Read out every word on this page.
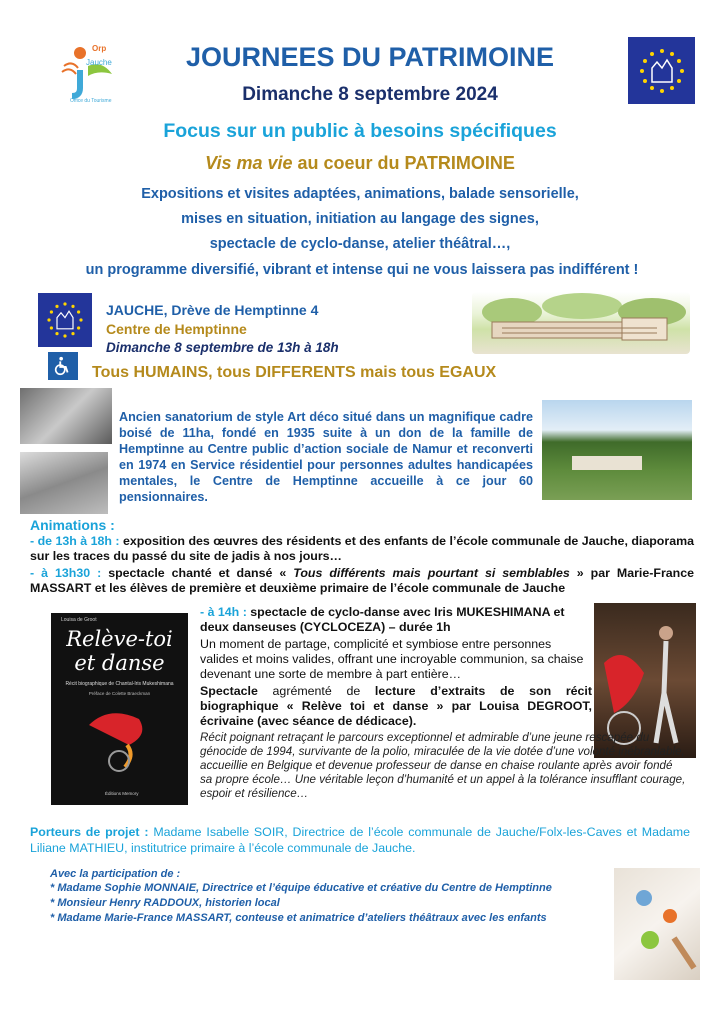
Orp
Jauche
Office du Tourisme
JOURNEES DU PATRIMOINE
Dimanche 8 septembre 2024
Focus sur un public à besoins spécifiques
Vis ma vie au coeur du PATRIMOINE
Expositions et visites adaptées, animations, balade sensorielle,
mises en situation, initiation au langage des signes,
spectacle de cyclo-danse, atelier théâtral…,
un programme diversifié, vibrant et intense qui ne vous laissera pas indifférent !
JAUCHE, Drève de Hemptinne 4
Centre de Hemptinne
Dimanche 8 septembre de 13h à 18h
Tous HUMAINS, tous DIFFERENTS mais tous EGAUX
Ancien sanatorium de style Art déco situé dans un magnifique cadre boisé de 11ha, fondé en 1935 suite à un don de la famille de Hemptinne au Centre public d’action sociale de Namur et reconverti en 1974 en Service résidentiel pour personnes adultes handicapées mentales, le Centre de Hemptinne accueille à ce jour 60 pensionnaires.
Animations :
- de 13h à 18h : exposition des œuvres des résidents et des enfants de l’école communale de Jauche, diaporama sur les traces du passé du site de jadis à nos jours…
- à 13h30 : spectacle chanté et dansé « Tous différents mais pourtant si semblables » par Marie-France MASSART et les élèves de première et deuxième primaire de l’école communale de Jauche
Relève-toi
et danse
Récit biographique de Chantal-Iris Mukeshimana
Préface de Colette Braeckman
Louisa de Groot
Éditions Memory
- à 14h : spectacle de cyclo-danse avec Iris MUKESHIMANA et deux danseuses (CYCLOCEZA) – durée 1h
Un moment de partage, complicité et symbiose entre personnes valides et moins valides, offrant une incroyable communion, sa chaise devenant une sorte de membre à part entière…
Spectacle agrémenté de lecture d’extraits de son récit biographique « Relève toi et danse » par Louisa DEGROOT, écrivaine (avec séance de dédicace).
Récit poignant retraçant le parcours exceptionnel et admirable d’une jeune rescapée du génocide de 1994, survivante de la polio, miraculée de la vie dotée d’une volonté inébranlable, accueillie en Belgique et devenue professeur de danse en chaise roulante après avoir fondé sa propre école… Une véritable leçon d’humanité et un appel à la tolérance insufflant courage, espoir et résilience…
Porteurs de projet : Madame Isabelle SOIR, Directrice de l’école communale de Jauche/Folx-les-Caves et Madame Liliane MATHIEU, institutrice primaire à l’école communale de Jauche.
Avec la participation de :
* Madame Sophie MONNAIE, Directrice et l’équipe éducative et créative du Centre de Hemptinne
* Monsieur Henry RADDOUX, historien local
* Madame Marie-France MASSART, conteuse et animatrice d’ateliers théâtraux avec les enfants
